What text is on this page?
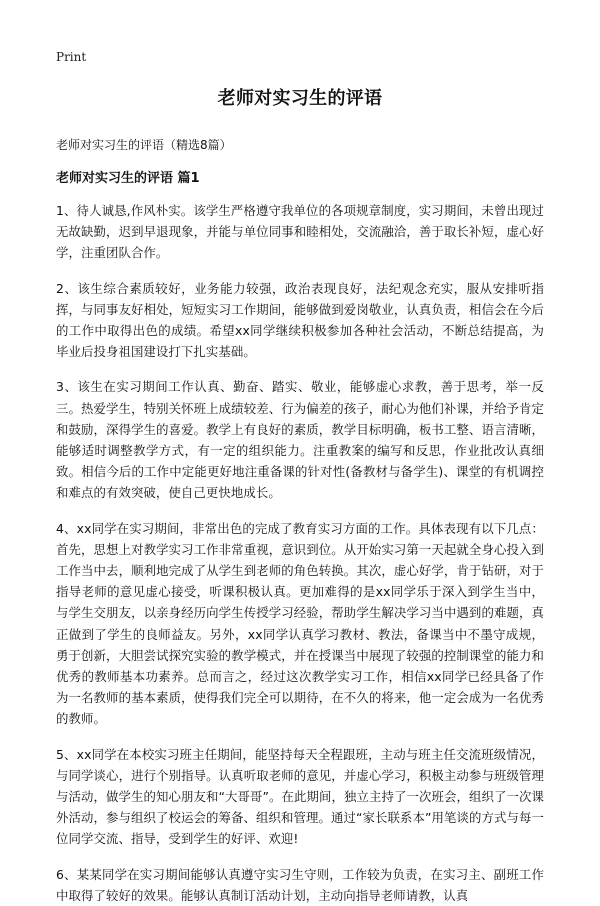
Print
老师对实习生的评语

老师对实习生的评语（精选8篇）

老师对实习生的评语 篇1

1、待人诚恳,作风朴实。该学生严格遵守我单位的各项规章制度，实习期间，未曾出现过无故缺勤，迟到早退现象，并能与单位同事和睦相处，交流融洽，善于取长补短，虚心好学，注重团队合作。

2、该生综合素质较好，业务能力较强，政治表现良好，法纪观念充实，服从安排听指挥，与同事友好相处，短短实习工作期间，能够做到爱岗敬业，认真负责，相信会在今后的工作中取得出色的成绩。希望xx同学继续积极参加各种社会活动，不断总结提高，为毕业后投身祖国建设打下扎实基础。

3、该生在实习期间工作认真、勤奋、踏实、敬业，能够虚心求教，善于思考，举一反三。热爱学生，特别关怀班上成绩较差、行为偏差的孩子，耐心为他们补课，并给予肯定和鼓励，深得学生的喜爱。教学上有良好的素质，教学目标明确，板书工整、语言清晰，能够适时调整教学方式，有一定的组织能力。注重教案的编写和反思，作业批改认真细致。相信今后的工作中定能更好地注重备课的针对性(备教材与备学生)、课堂的有机调控和难点的有效突破，使自己更快地成长。

4、xx同学在实习期间，非常出色的完成了教育实习方面的工作。具体表现有以下几点：首先，思想上对教学实习工作非常重视，意识到位。从开始实习第一天起就全身心投入到工作当中去，顺利地完成了从学生到老师的角色转换。其次，虚心好学，肯于钻研，对于指导老师的意见虚心接受，听课积极认真。更加难得的是xx同学乐于深入到学生当中，与学生交朋友，以亲身经历向学生传授学习经验，帮助学生解决学习当中遇到的难题，真正做到了学生的良师益友。另外，xx同学认真学习教材、教法，备课当中不墨守成规，勇于创新，大胆尝试探究实验的教学模式，并在授课当中展现了较强的控制课堂的能力和优秀的教师基本功素养。总而言之，经过这次教学实习工作，相信xx同学已经具备了作为一名教师的基本素质，使得我们完全可以期待，在不久的将来，他一定会成为一名优秀的教师。

5、xx同学在本校实习班主任期间，能坚持每天全程跟班，主动与班主任交流班级情况，与同学谈心，进行个别指导。认真听取老师的意见，并虚心学习，积极主动参与班级管理与活动，做学生的知心朋友和“大哥哥”。在此期间，独立主持了一次班会，组织了一次课外活动，参与组织了校运会的筹备、组织和管理。通过“家长联系本”用笔谈的方式与每一位同学交流、指导，受到学生的好评、欢迎!

6、某某同学在实习期间能够认真遵守实习生守则，工作较为负责，在实习主、副班工作中取得了较好的效果。能够认真制订活动计划，主动向指导老师请教，认真
